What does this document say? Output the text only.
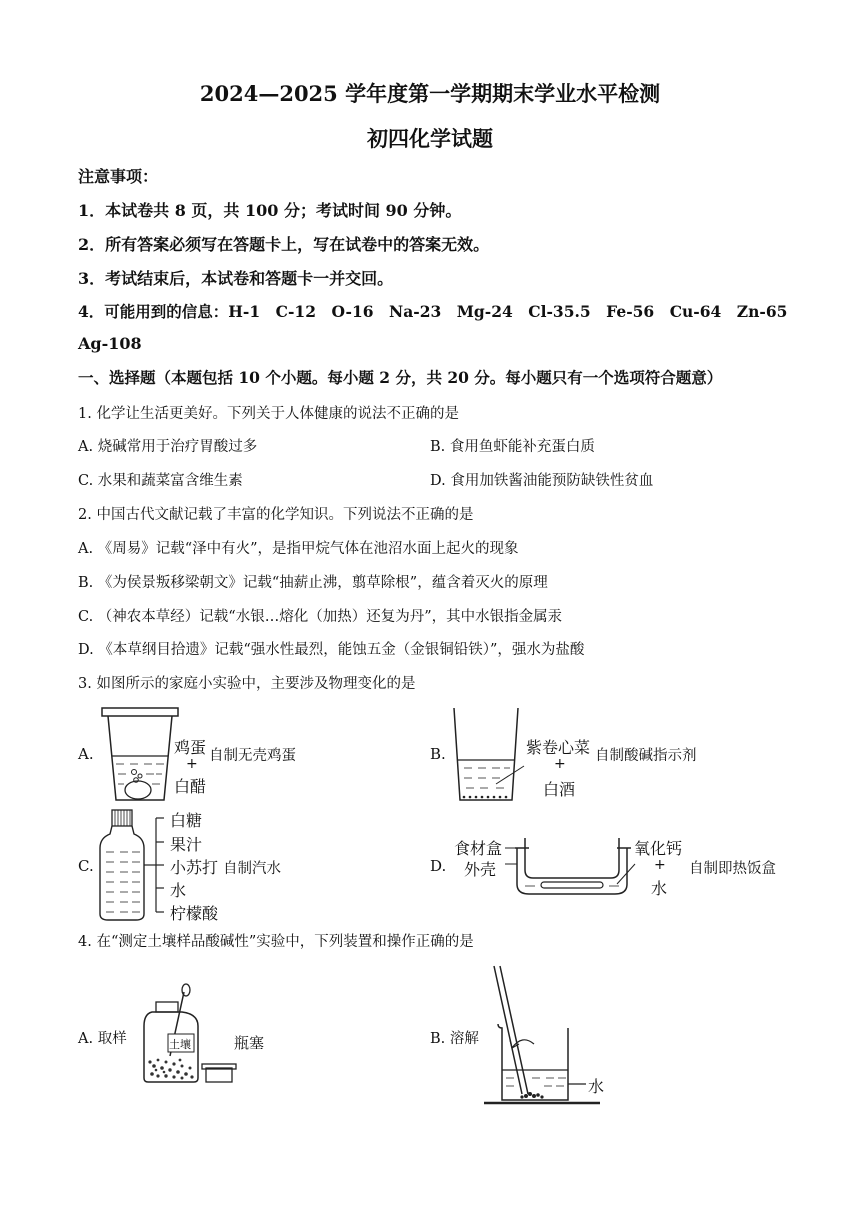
2024—2025 学年度第一学期期末学业水平检测
初四化学试题
注意事项：
1．本试卷共 8 页，共 100 分；考试时间 90 分钟。
2．所有答案必须写在答题卡上，写在试卷中的答案无效。
3．考试结束后，本试卷和答题卡一并交回。
4．可能用到的信息：H-1　C-12　O-16　Na-23　Mg-24　Cl-35.5　Fe-56　Cu-64　Zn-65
Ag-108
一、选择题（本题包括 10 个小题。每小题 2 分，共 20 分。每小题只有一个选项符合题意）
1. 化学让生活更美好。下列关于人体健康的说法不正确的是
A. 烧碱常用于治疗胃酸过多	B. 食用鱼虾能补充蛋白质
C. 水果和蔬菜富含维生素	D. 食用加铁酱油能预防缺铁性贫血
2. 中国古代文献记载了丰富的化学知识。下列说法不正确的是
A. 《周易》记载“泽中有火”，是指甲烷气体在池沼水面上起火的现象
B. 《为侯景叛移梁朝文》记载“抽薪止沸，翦草除根”，蕴含着灭火的原理
C. （神农本草经）记载“水银…熔化（加热）还复为丹”，其中水银指金属汞
D. 《本草纲目拾遗》记载“强水性最烈，能蚀五金（金银铜铅铁）”，强水为盐酸
3. 如图所示的家庭小实验中，主要涉及物理变化的是
A.	鸡蛋
+
白醋
自制无壳鸡蛋	B.	紫卷心菜
+
白酒
自制酸碱指示剂
C.
白糖
果汁
小苏打
水
柠檬酸
自制汽水	D.
食材盒
外壳
氧化钙
+
水
自制即热饭盒
4. 在“测定土壤样品酸碱性”实验中，下列装置和操作正确的是
A. 取样	土壤	瓶塞	B. 溶解
水
